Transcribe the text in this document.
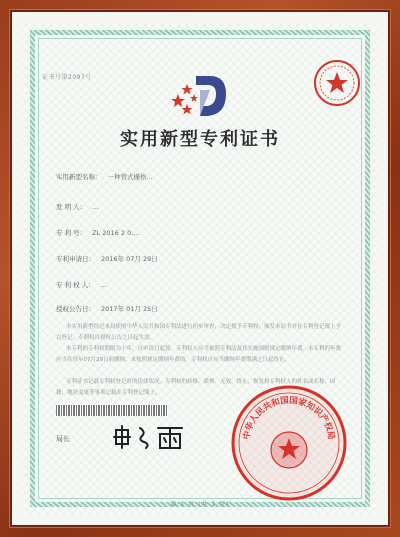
证书号第2097号
实用新型专利证书
实用新型名称： 一种管式栅格...
发 明 人： ...
专 利 号： ZL 2016 2 0....
专利申请日： 2016年 07月 29日
专 利 权 人： ...
授权公告日： 2017年 01月 25日
本实用新型经过本局依照中华人民共和国专利法进行初步审查，决定授予专利权，颁发本证书并在专利登记簿上予以登记。专利权自授权公告之日起生效。
本专利的专利权期限为十年，自申请日起算。专利权人应当依照专利法及其实施细则规定缴纳年费。本专利的年费应当在每年07月29日前缴纳。未按照规定缴纳年费的，专利权自应当缴纳年费期满之日起终止。
专利证书记载专利权登记时的法律状况。专利权的转移、质押、无效、终止、恢复和专利权人的姓名或名称、国籍、地址变更等事项记载在专利登记簿上。
局长	中华人民共和国国家知识产权局
第 1 页 (共 1 页)
